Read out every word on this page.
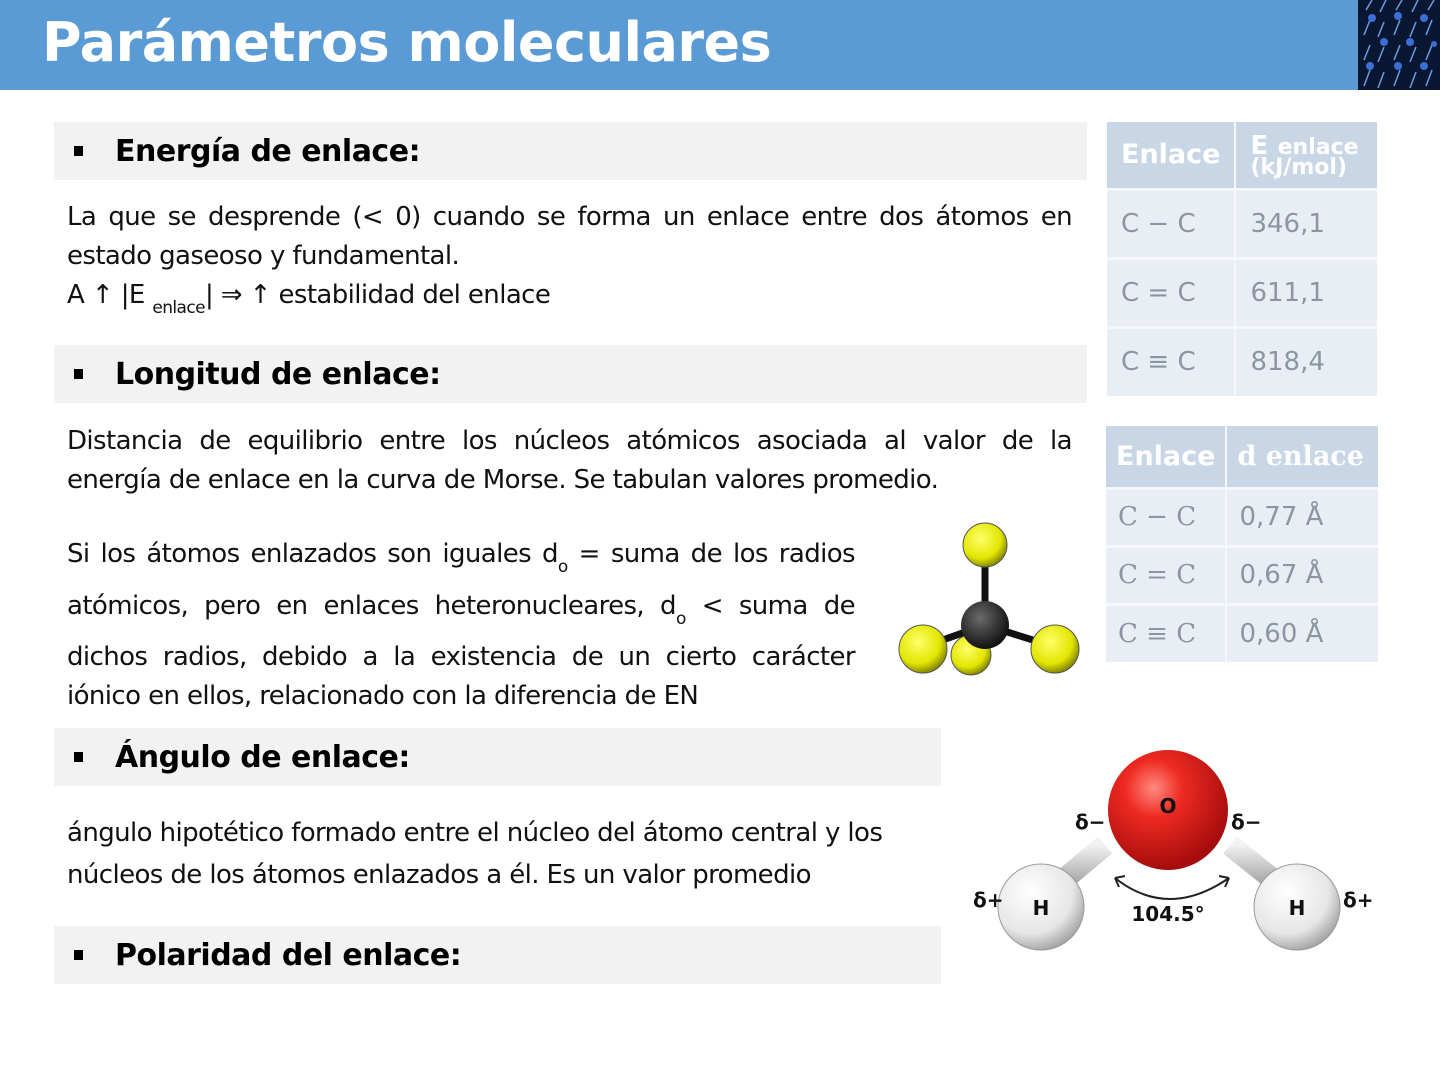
Parámetros moleculares
Energía de enlace:
La que se desprende (< 0) cuando se forma un enlace entre dos átomos en estado gaseoso y fundamental.
A ↑ |E $_{enlace}$| ⇒ ↑ estabilidad del enlace
Enlace	E enlace
(kJ/mol)

C − C	346,1
C = C	611,1
C ≡ C	818,4
Longitud de enlace:
Distancia de equilibrio entre los núcleos atómicos asociada al valor de la energía de enlace en la curva de Morse. Se tabulan valores promedio.
Si los átomos enlazados son iguales $d_o$ = suma de los radios atómicos, pero en enlaces heteronucleares, $d_o$ < suma de dichos radios, debido a la existencia de un cierto carácter iónico en ellos, relacionado con la diferencia de EN
Enlace	d enlace
C − C	0,77 Å
C = C	0,67 Å
C ≡ C	0,60 Å
Ángulo de enlace:
ángulo hipotético formado entre el núcleo del átomo central y los núcleos de los átomos enlazados a él. Es un valor promedio
Polaridad del enlace:
O
H	H
104.5°
δ−	δ−
δ+	δ+
